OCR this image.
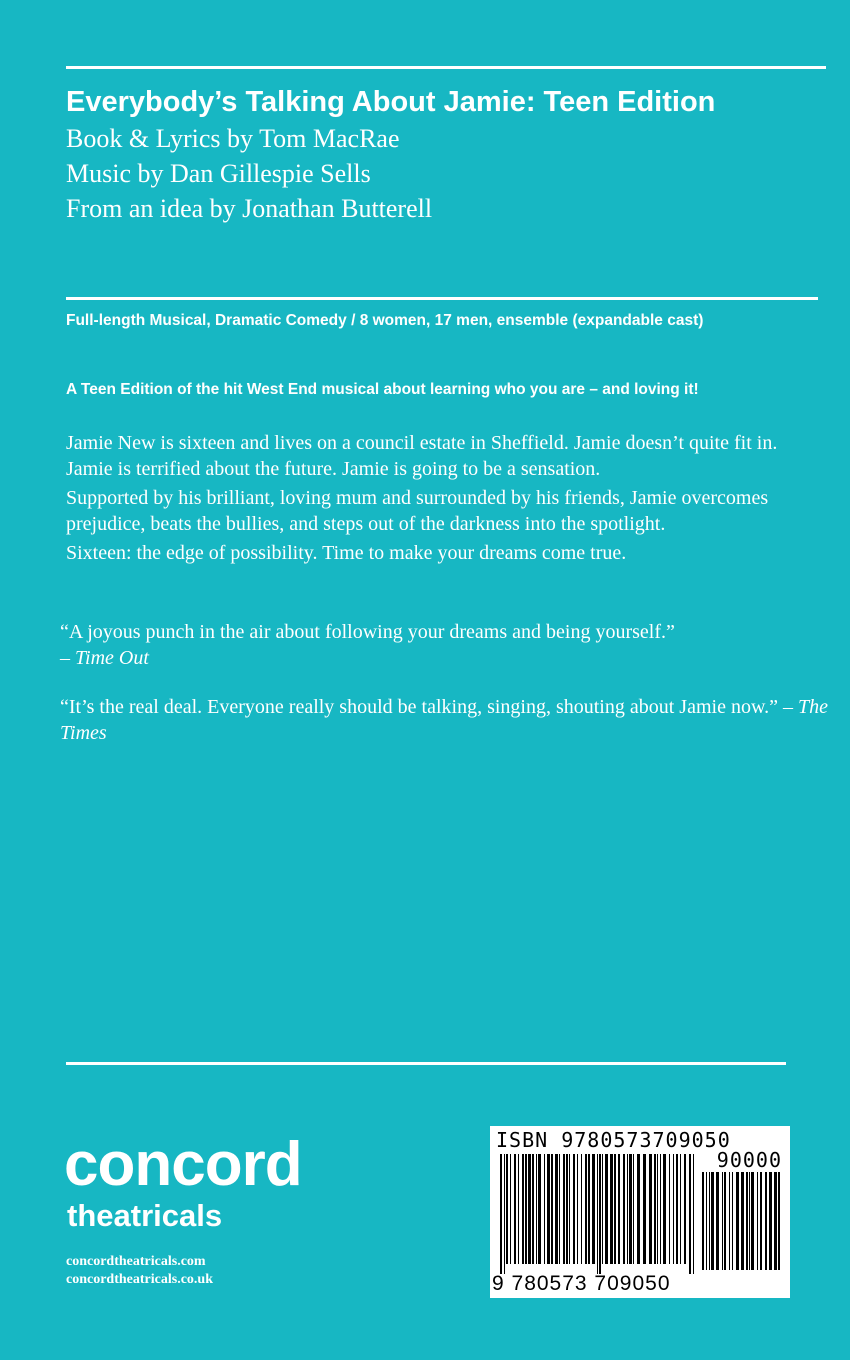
Everybody’s Talking About Jamie: Teen Edition
Book & Lyrics by Tom MacRae
Music by Dan Gillespie Sells
From an idea by Jonathan Butterell
Full-length Musical, Dramatic Comedy / 8 women, 17 men, ensemble (expandable cast)
A Teen Edition of the hit West End musical about learning who you are – and loving it!

Jamie New is sixteen and lives on a council estate in Sheffield. Jamie doesn’t quite fit in. Jamie is terrified about the future. Jamie is going to be a sensation.

Supported by his brilliant, loving mum and surrounded by his friends, Jamie overcomes prejudice, beats the bullies, and steps out of the darkness into the spotlight.

Sixteen: the edge of possibility. Time to make your dreams come true.

“A joyous punch in the air about following your dreams and being yourself.”
– Time Out
“It’s the real deal. Everyone really should be talking, singing, shouting about Jamie now.” – The Times
concord
theatricals
concordtheatricals.com
concordtheatricals.co.uk
ISBN 9780573709050
90000
9 780573 709050
